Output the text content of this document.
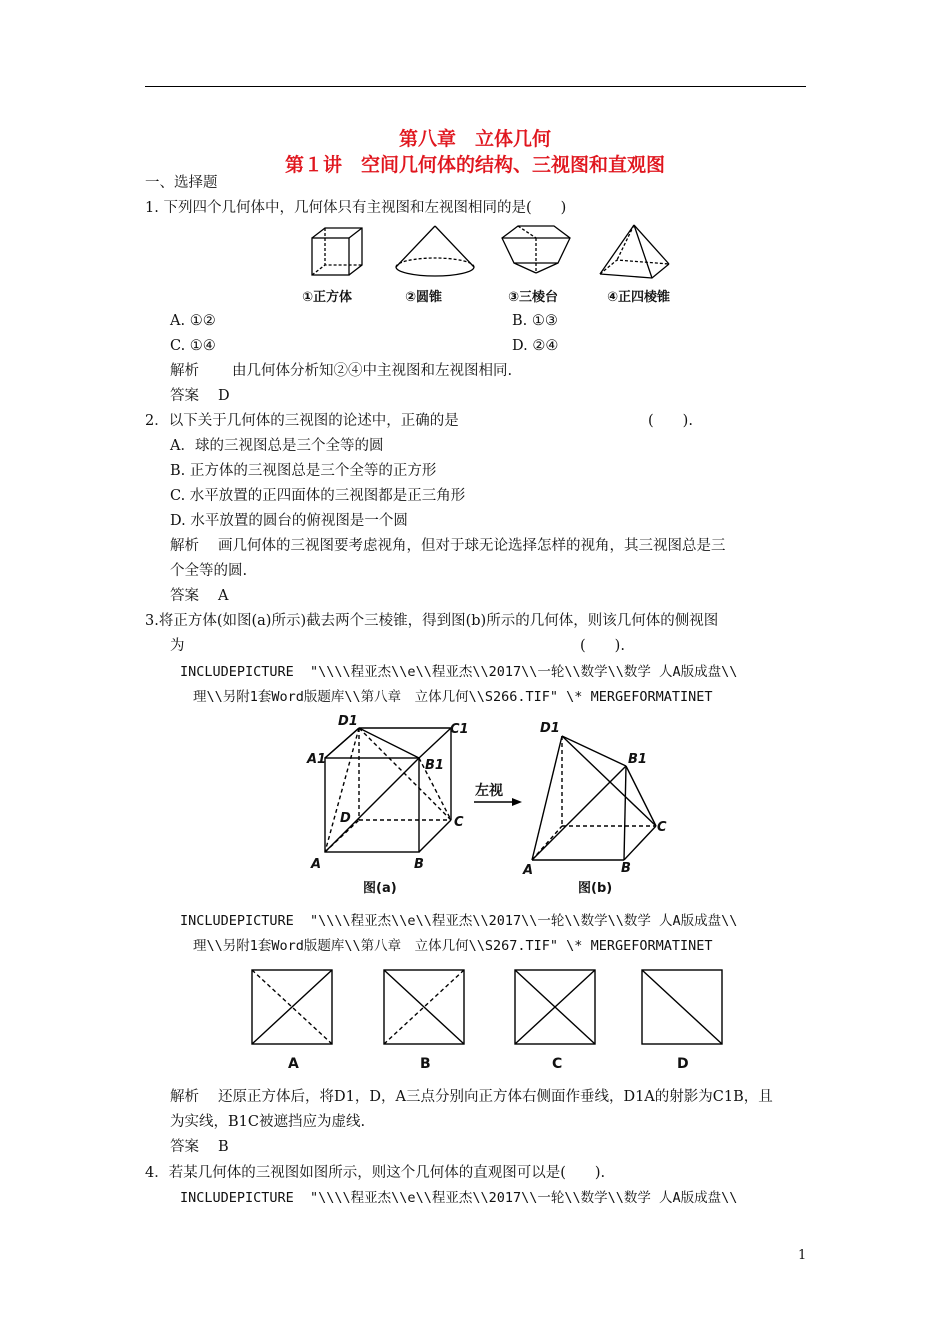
第八章　立体几何
第１讲　空间几何体的结构、三视图和直观图
一、选择题
1. 下列四个几何体中，几何体只有主视图和左视图相同的是(　　)
①正方体	②圆锥	③三棱台	④正四棱锥
A. ①②	B. ①③
C. ①④	D. ②④
解析 由几何体分析知②④中主视图和左视图相同.
答案 D
2．以下关于几何体的三视图的论述中，正确的是	(　　).
A．球的三视图总是三个全等的圆
B. 正方体的三视图总是三个全等的正方形
C. 水平放置的正四面体的三视图都是正三角形
D. 水平放置的圆台的俯视图是一个圆
解析 画几何体的三视图要考虑视角，但对于球无论选择怎样的视角，其三视图总是三
个全等的圆.
答案 A
3.将正方体(如图(a)所示)截去两个三棱锥，得到图(b)所示的几何体，则该几何体的侧视图
为	(　　).
INCLUDEPICTURE  "\\\\程亚杰\\e\\程亚杰\\2017\\一轮\\数学\\数学 人A版成盘\\
理\\另附1套Word版题库\\第八章　立体几何\\S266.TIF" \* MERGEFORMATINET
D1
C1
A1	B1
D	C
A	B
图(a)
左视
D1
B1
C
A	B
图(b)
INCLUDEPICTURE  "\\\\程亚杰\\e\\程亚杰\\2017\\一轮\\数学\\数学 人A版成盘\\
理\\另附1套Word版题库\\第八章　立体几何\\S267.TIF" \* MERGEFORMATINET
A	B	C	D
解析 还原正方体后，将D1，D，A三点分别向正方体右侧面作垂线，D1A的射影为C1B，且
为实线，B1C被遮挡应为虚线.
答案 B
4．若某几何体的三视图如图所示，则这个几何体的直观图可以是(　　).
INCLUDEPICTURE  "\\\\程亚杰\\e\\程亚杰\\2017\\一轮\\数学\\数学 人A版成盘\\
1
